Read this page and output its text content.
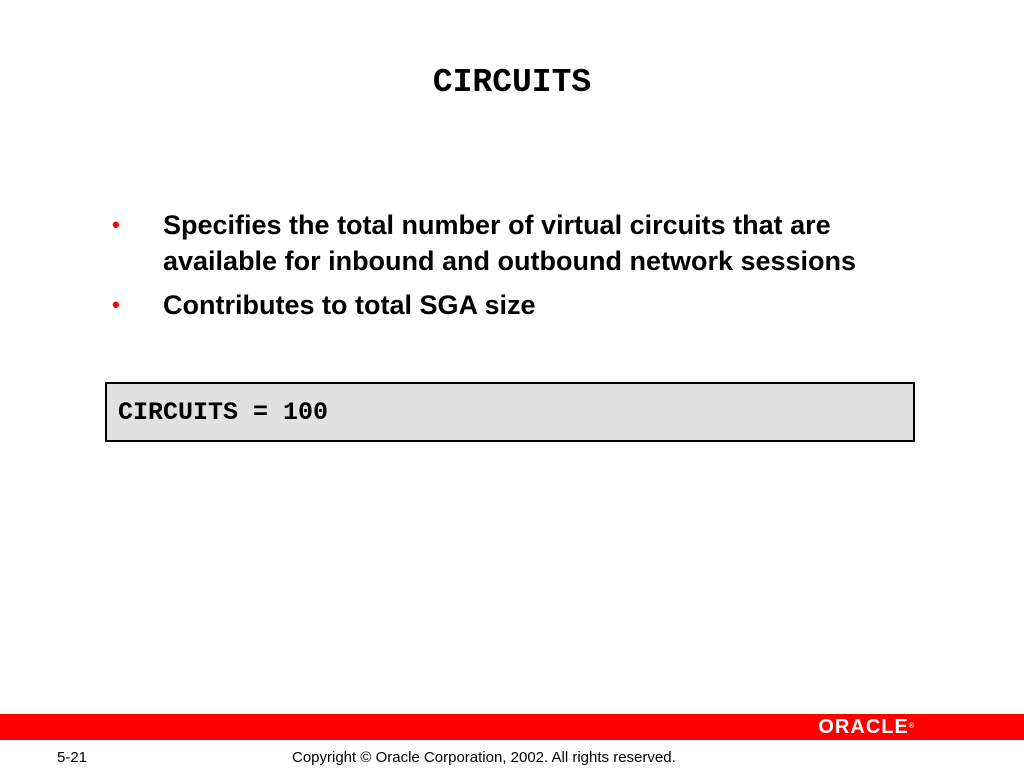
CIRCUITS
• Specifies the total number of virtual circuits that are available for inbound and outbound network sessions
• Contributes to total SGA size
CIRCUITS = 100
ORACLE®
5-21	Copyright © Oracle Corporation, 2002. All rights reserved.
